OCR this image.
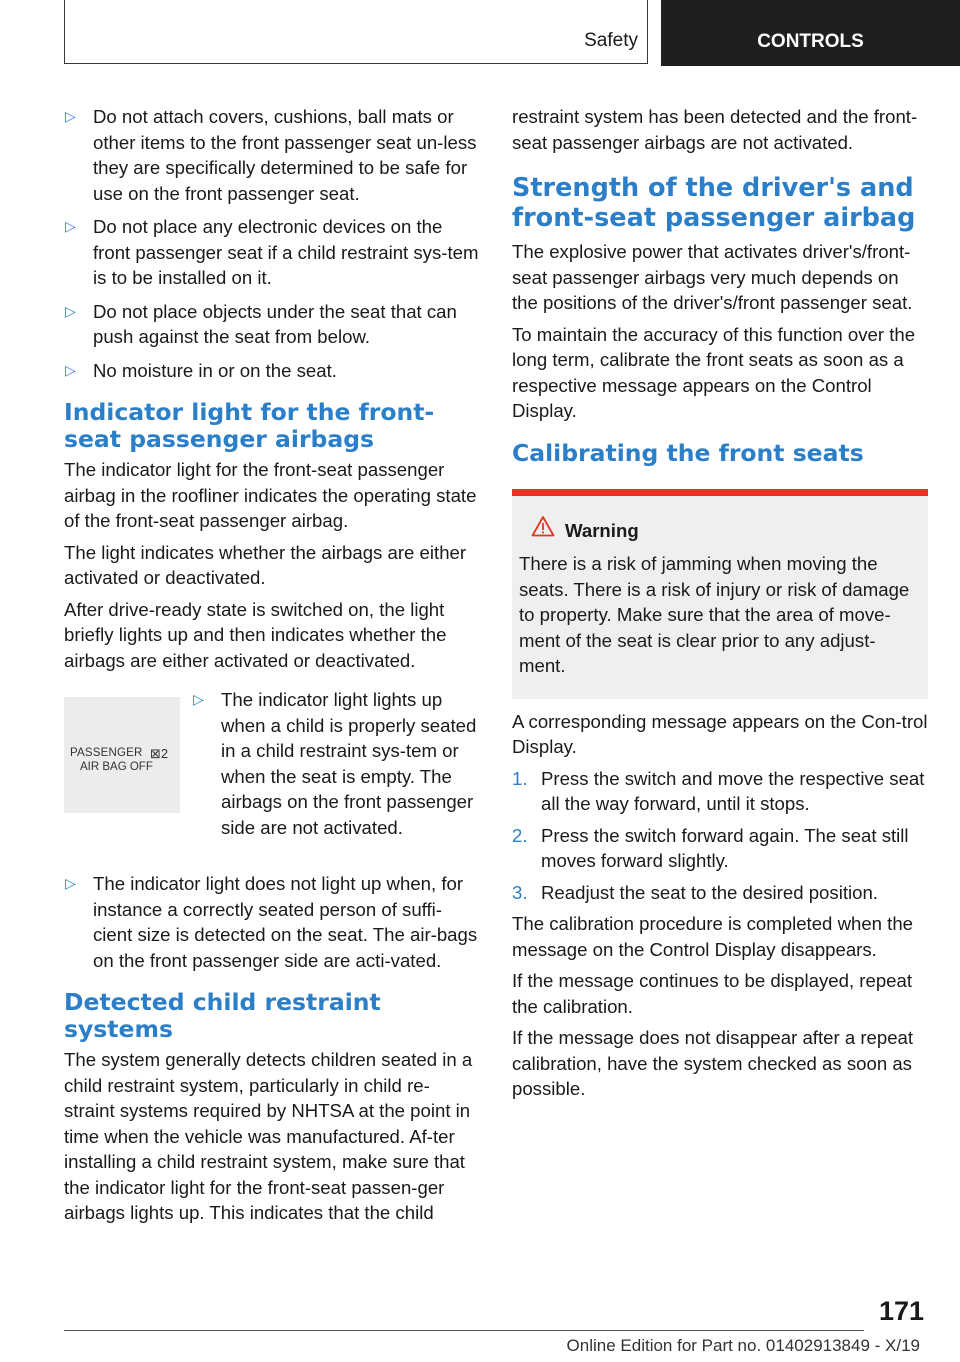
Safety	CONTROLS
▷ Do not attach covers, cushions, ball mats or other items to the front passenger seat un‐less they are specifically determined to be safe for use on the front passenger seat.
▷ Do not place any electronic devices on the front passenger seat if a child restraint sys‐tem is to be installed on it.
▷ Do not place objects under the seat that can push against the seat from below.
▷ No moisture in or on the seat.
Indicator light for the front-seat passenger airbags

The indicator light for the front-seat passenger airbag in the roofliner indicates the operating state of the front-seat passenger airbag.

The light indicates whether the airbags are either activated or deactivated.

After drive-ready state is switched on, the light briefly lights up and then indicates whether the airbags are either activated or deactivated.

PASSENGER
AIR BAG OFF
⊠2
▷ The indicator light lights up when a child is properly seated in a child restraint sys‐tem or when the seat is empty. The airbags on the front passenger side are not activated.
▷ The indicator light does not light up when, for instance a correctly seated person of suffi‐cient size is detected on the seat. The air‐bags on the front passenger side are acti‐vated.
Detected child restraint systems

The system generally detects children seated in a child restraint system, particularly in child re‐straint systems required by NHTSA at the point in time when the vehicle was manufactured. Af‐ter installing a child restraint system, make sure that the indicator light for the front-seat passen‐ger airbags lights up. This indicates that the child

restraint system has been detected and the front-seat passenger airbags are not activated.

Strength of the driver's and front-seat passenger airbag

The explosive power that activates driver's/front-seat passenger airbags very much depends on the positions of the driver's/front passenger seat.

To maintain the accuracy of this function over the long term, calibrate the front seats as soon as a respective message appears on the Control Display.

Calibrating the front seats
Warning
There is a risk of jamming when moving the seats. There is a risk of injury or risk of damage to property. Make sure that the area of move‐ment of the seat is clear prior to any adjust‐ment.

A corresponding message appears on the Con‐trol Display.

1. Press the switch and move the respective seat all the way forward, until it stops.
2. Press the switch forward again. The seat still moves forward slightly.
3. Readjust the seat to the desired position.

The calibration procedure is completed when the message on the Control Display disappears.

If the message continues to be displayed, repeat the calibration.

If the message does not disappear after a repeat calibration, have the system checked as soon as possible.

171
Online Edition for Part no. 01402913849 - X/19
